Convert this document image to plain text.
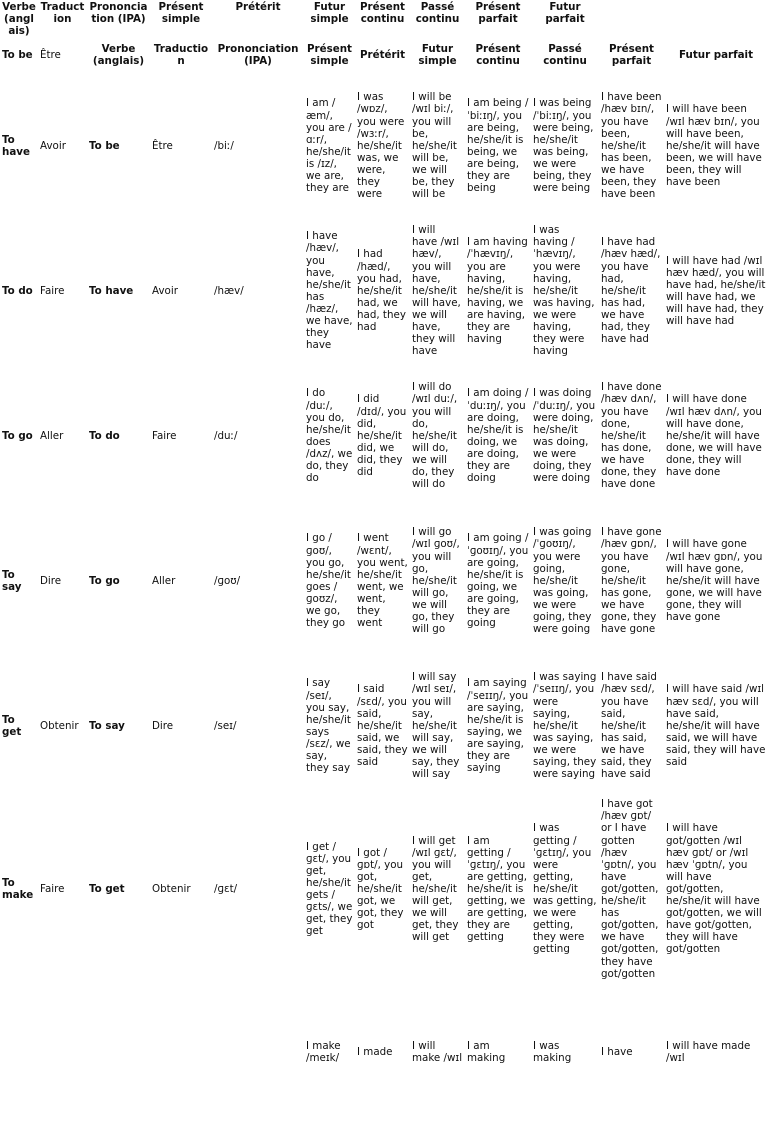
Verbe (anglais)	Traduction	Prononciation (IPA)	Présent simple	Prétérit	Futur simple	Présent continu	Passé continu	Présent parfait	Futur parfait		
To be	Être	Verbe (anglais)	Traduction	Prononciation (IPA)	Présent simple	Prétérit	Futur simple	Présent continu	Passé continu	Présent parfait	Futur parfait
To have	Avoir	To be	Être	/biː/	I am /æm/, you are /ɑːr/, he/she/it is /ɪz/, we are, they are	I was /wɒz/, you were /wɜːr/, he/she/it was, we were, they were	I will be /wɪl biː/, you will be, he/she/it will be, we will be, they will be	I am being /ˈbiːɪŋ/, you are being, he/she/it is being, we are being, they are being	I was being /ˈbiːɪŋ/, you were being, he/she/it was being, we were being, they were being	I have been /hæv bɪn/, you have been, he/she/it has been, we have been, they have been	I will have been /wɪl hæv bɪn/, you will have been, he/she/it will have been, we will have been, they will have been
To do	Faire	To have	Avoir	/hæv/	I have /hæv/, you have, he/she/it has /hæz/, we have, they have	I had /hæd/, you had, he/she/it had, we had, they had	I will have /wɪl hæv/, you will have, he/she/it will have, we will have, they will have	I am having /ˈhævɪŋ/, you are having, he/she/it is having, we are having, they are having	I was having /ˈhævɪŋ/, you were having, he/she/it was having, we were having, they were having	I have had /hæv hæd/, you have had, he/she/it has had, we have had, they have had	I will have had /wɪl hæv hæd/, you will have had, he/she/it will have had, we will have had, they will have had
To go	Aller	To do	Faire	/duː/	I do /duː/, you do, he/she/it does /dʌz/, we do, they do	I did /dɪd/, you did, he/she/it did, we did, they did	I will do /wɪl duː/, you will do, he/she/it will do, we will do, they will do	I am doing /ˈduːɪŋ/, you are doing, he/she/it is doing, we are doing, they are doing	I was doing /ˈduːɪŋ/, you were doing, he/she/it was doing, we were doing, they were doing	I have done /hæv dʌn/, you have done, he/she/it has done, we have done, they have done	I will have done /wɪl hæv dʌn/, you will have done, he/she/it will have done, we will have done, they will have done
To say	Dire	To go	Aller	/ɡoʊ/	I go /ɡoʊ/, you go, he/she/it goes /ɡoʊz/, we go, they go	I went /wɛnt/, you went, he/she/it went, we went, they went	I will go /wɪl ɡoʊ/, you will go, he/she/it will go, we will go, they will go	I am going /ˈɡoʊɪŋ/, you are going, he/she/it is going, we are going, they are going	I was going /ˈɡoʊɪŋ/, you were going, he/she/it was going, we were going, they were going	I have gone /hæv ɡɒn/, you have gone, he/she/it has gone, we have gone, they have gone	I will have gone /wɪl hæv ɡɒn/, you will have gone, he/she/it will have gone, we will have gone, they will have gone
To get	Obtenir	To say	Dire	/seɪ/	I say /seɪ/, you say, he/she/it says /sɛz/, we say, they say	I said /sɛd/, you said, he/she/it said, we said, they said	I will say /wɪl seɪ/, you will say, he/she/it will say, we will say, they will say	I am saying /ˈseɪɪŋ/, you are saying, he/she/it is saying, we are saying, they are saying	I was saying /ˈseɪɪŋ/, you were saying, he/she/it was saying, we were saying, they were saying	I have said /hæv sɛd/, you have said, he/she/it has said, we have said, they have said	I will have said /wɪl hæv sɛd/, you will have said, he/she/it will have said, we will have said, they will have said
To make	Faire	To get	Obtenir	/ɡɛt/	I get /ɡɛt/, you get, he/she/it gets /ɡɛts/, we get, they get	I got /ɡɒt/, you got, he/she/it got, we got, they got	I will get /wɪl ɡɛt/, you will get, he/she/it will get, we will get, they will get	I am getting /ˈɡɛtɪŋ/, you are getting, he/she/it is getting, we are getting, they are getting	I was getting /ˈɡɛtɪŋ/, you were getting, he/she/it was getting, we were getting, they were getting	I have got /hæv ɡɒt/ or I have gotten /hæv ˈɡɒtn/, you have got/gotten, he/she/it has got/gotten, we have got/gotten, they have got/gotten	I will have got/gotten /wɪl hæv ɡɒt/ or /wɪl hæv ˈɡɒtn/, you will have got/gotten, he/she/it will have got/gotten, we will have got/gotten, they will have got/gotten
					I make /meɪk/	I made	I will make /wɪl	I am making	I was making	I have	I will have made /wɪl
